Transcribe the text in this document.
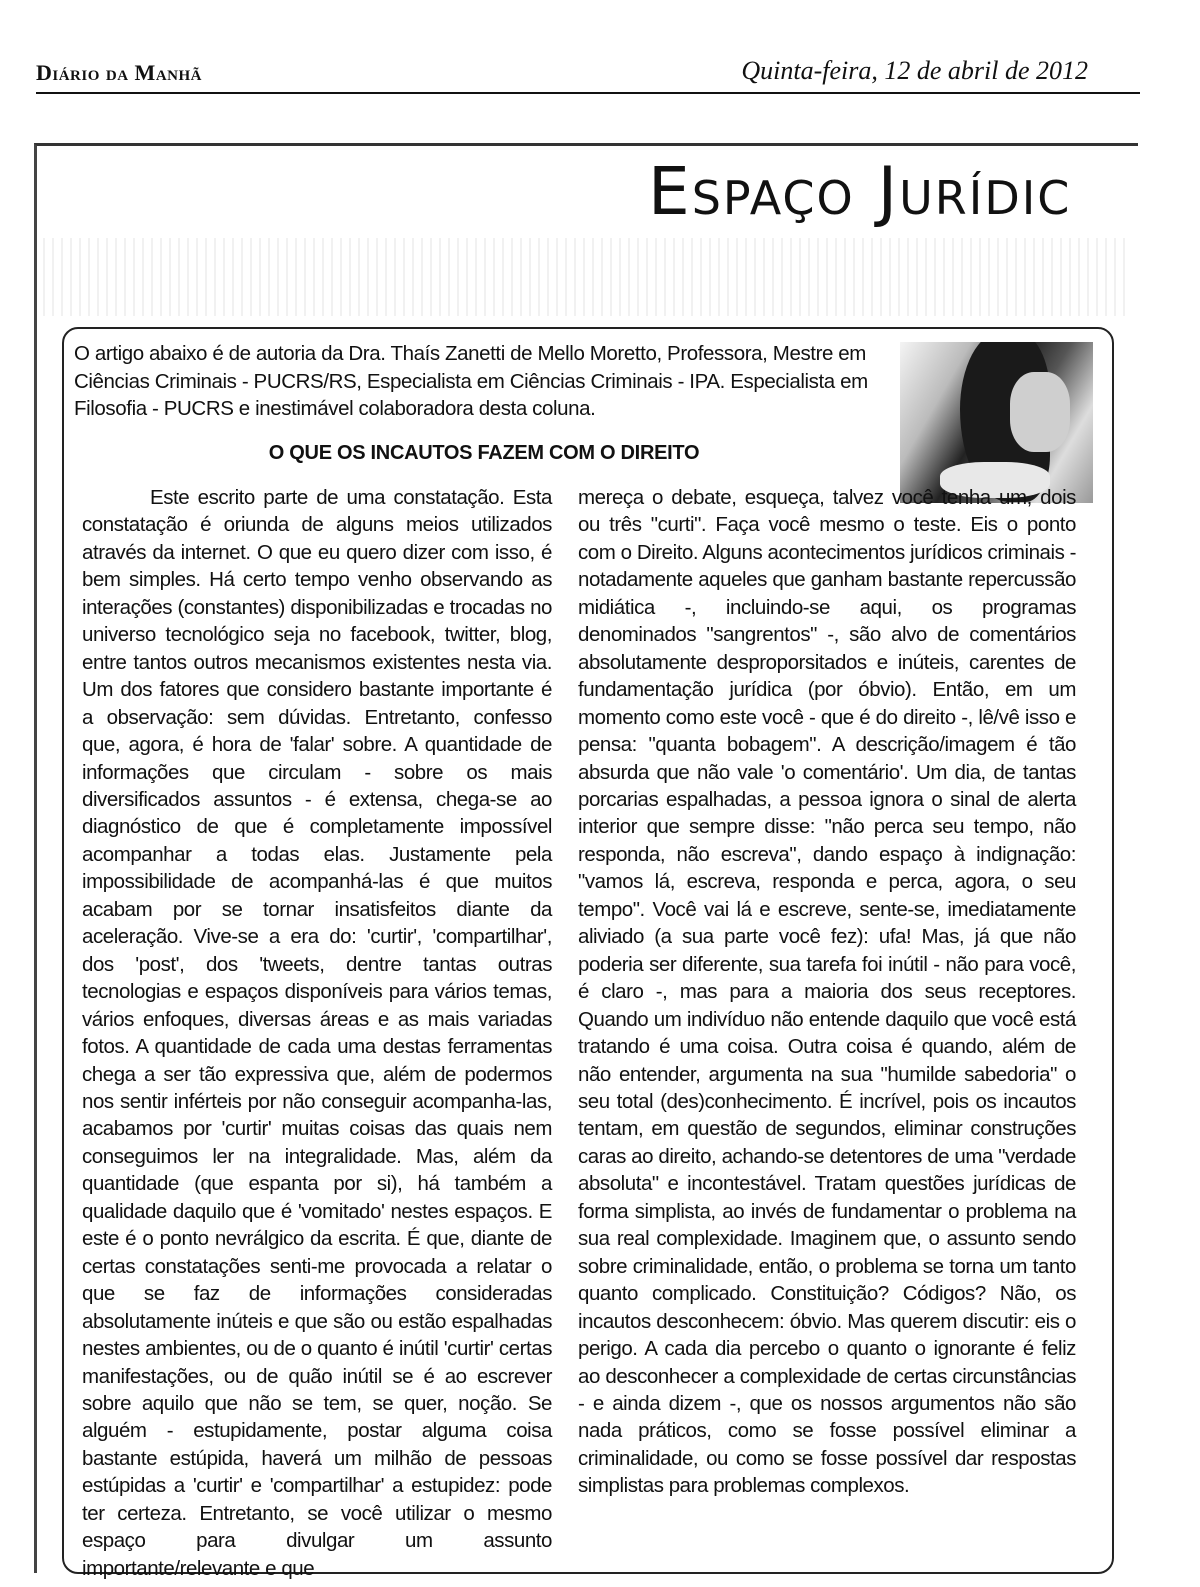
Diário da Manhã	Quinta-feira, 12 de abril de 2012
Espaço Jurídic

O artigo abaixo é de autoria da Dra. Thaís Zanetti de Mello Moretto, Professora, Mestre em Ciências Criminais - PUCRS/RS, Especialista em Ciências Criminais - IPA. Especialista em Filosofia - PUCRS e inestimável colaboradora desta coluna.

O QUE OS INCAUTOS FAZEM COM O DIREITO

Este escrito parte de uma constatação. Esta constatação é oriunda de alguns meios utilizados através da internet. O que eu quero dizer com isso, é bem simples. Há certo tempo venho observando as interações (constantes) disponibilizadas e trocadas no universo tecnológico seja no facebook, twitter, blog, entre tantos outros mecanismos existentes nesta via. Um dos fatores que considero bastante importante é a observação: sem dúvidas. Entretanto, confesso que, agora, é hora de 'falar' sobre. A quantidade de informações que circulam - sobre os mais diversificados assuntos - é extensa, chega-se ao diagnóstico de que é completamente impossível acompanhar a todas elas. Justamente pela impossibilidade de acompanhá-las é que muitos acabam por se tornar insatisfeitos diante da aceleração. Vive-se a era do: 'curtir', 'compartilhar', dos 'post', dos 'tweets, dentre tantas outras tecnologias e espaços disponíveis para vários temas, vários enfoques, diversas áreas e as mais variadas fotos. A quantidade de cada uma destas ferramentas chega a ser tão expressiva que, além de podermos nos sentir inférteis por não conseguir acompanha-las, acabamos por 'curtir' muitas coisas das quais nem conseguimos ler na integralidade. Mas, além da quantidade (que espanta por si), há também a qualidade daquilo que é 'vomitado' nestes espaços. E este é o ponto nevrálgico da escrita. É que, diante de certas constatações senti-me provocada a relatar o que se faz de informações consideradas absolutamente inúteis e que são ou estão espalhadas nestes ambientes, ou de o quanto é inútil 'curtir' certas manifestações, ou de quão inútil se é ao escrever sobre aquilo que não se tem, se quer, noção. Se alguém - estupidamente, postar alguma coisa bastante estúpida, haverá um milhão de pessoas estúpidas a 'curtir' e 'compartilhar' a estupidez: pode ter certeza. Entretanto, se você utilizar o mesmo espaço para divulgar um assunto importante/relevante e que

mereça o debate, esqueça, talvez você tenha um, dois ou três "curti". Faça você mesmo o teste. Eis o ponto com o Direito. Alguns acontecimentos jurídicos criminais - notadamente aqueles que ganham bastante repercussão midiática -, incluindo-se aqui, os programas denominados "sangrentos" -, são alvo de comentários absolutamente desproporsitados e inúteis, carentes de fundamentação jurídica (por óbvio). Então, em um momento como este você - que é do direito -, lê/vê isso e pensa: "quanta bobagem". A descrição/imagem é tão absurda que não vale 'o comentário'. Um dia, de tantas porcarias espalhadas, a pessoa ignora o sinal de alerta interior que sempre disse: "não perca seu tempo, não responda, não escreva", dando espaço à indignação: "vamos lá, escreva, responda e perca, agora, o seu tempo". Você vai lá e escreve, sente-se, imediatamente aliviado (a sua parte você fez): ufa! Mas, já que não poderia ser diferente, sua tarefa foi inútil - não para você, é claro -, mas para a maioria dos seus receptores. Quando um indivíduo não entende daquilo que você está tratando é uma coisa. Outra coisa é quando, além de não entender, argumenta na sua "humilde sabedoria" o seu total (des)conhecimento. É incrível, pois os incautos tentam, em questão de segundos, eliminar construções caras ao direito, achando-se detentores de uma "verdade absoluta" e incontestável. Tratam questões jurídicas de forma simplista, ao invés de fundamentar o problema na sua real complexidade. Imaginem que, o assunto sendo sobre criminalidade, então, o problema se torna um tanto quanto complicado. Constituição? Códigos? Não, os incautos desconhecem: óbvio. Mas querem discutir: eis o perigo. A cada dia percebo o quanto o ignorante é feliz ao desconhecer a complexidade de certas circunstâncias - e ainda dizem -, que os nossos argumentos não são nada práticos, como se fosse possível eliminar a criminalidade, ou como se fosse possível dar respostas simplistas para problemas complexos.
